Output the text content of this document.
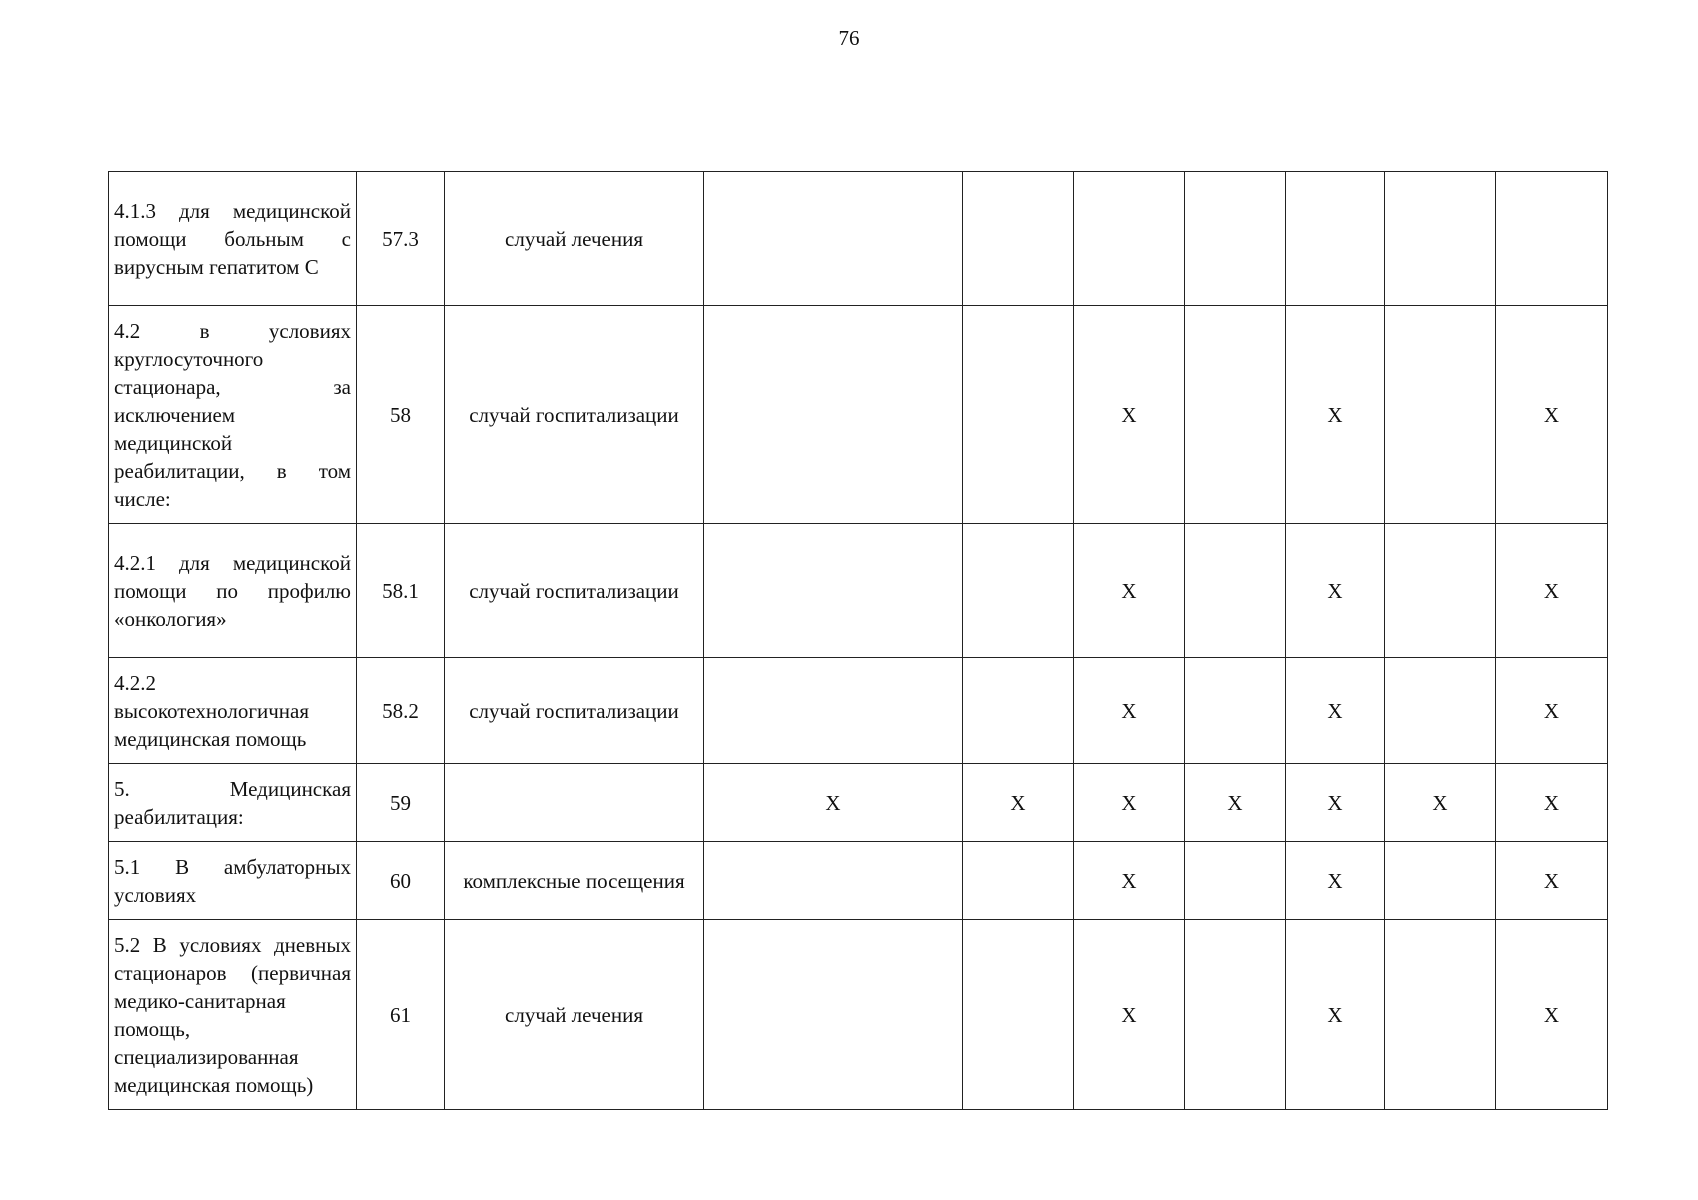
76
4.1.3 для медицинской помощи больным с вирусным гепатитом С	57.3	случай лечения							
4.2 в условиях круглосуточного стационара, за исключением медицинской реабилитации, в том числе:	58	случай госпитализации			Х		Х		Х
4.2.1 для медицинской помощи по профилю «онкология»	58.1	случай госпитализации			Х		Х		Х
4.2.2 высокотехнологичная медицинская помощь	58.2	случай госпитализации			Х		Х		Х
5. Медицинская реабилитация:	59		Х	Х	Х	Х	Х	Х	Х
5.1 В амбулаторных условиях	60	комплексные посещения			Х		Х		Х
5.2 В условиях дневных стационаров (первичная медико-санитарная помощь, специализированная медицинская помощь)	61	случай лечения			Х		Х		Х
